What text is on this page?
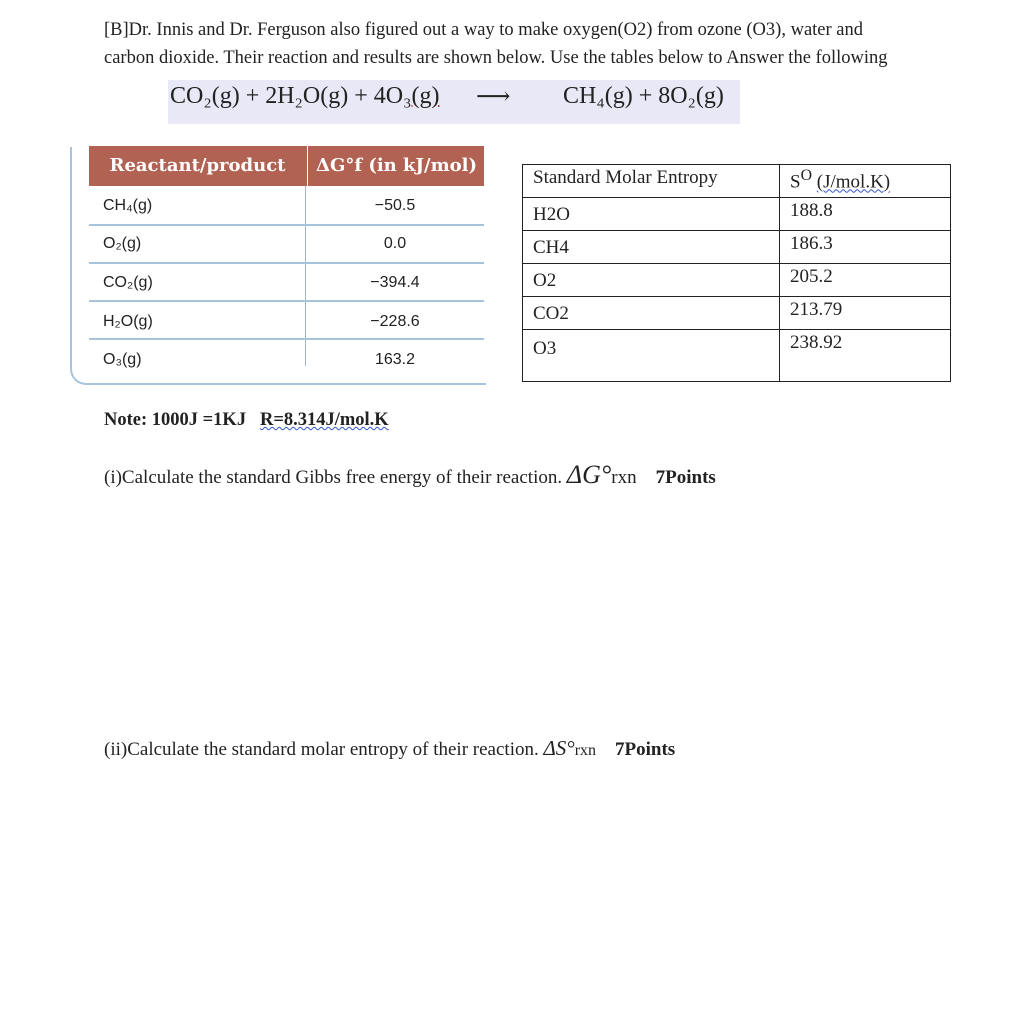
[B]Dr. Innis and Dr. Ferguson also figured out a way to make oxygen(O2) from ozone (O3), water and
carbon dioxide. Their reaction and results are shown below. Use the tables below to Answer the following
CO₂(g) + 2H₂O(g) + 4O₃(g) ⟶ CH₄(g) + 8O₂(g)
Reactant/product	ΔG°f (in kJ/mol)
CH₄(g)	−50.5
O₂(g)	0.0
CO₂(g)	−394.4
H₂O(g)	−228.6
O₃(g)	163.2
Standard Molar Entropy	$S^O$ (J/mol.K)
H2O	188.8
CH4	186.3
O2	205.2
CO2	213.79
O3	238.92
Note: 1000J =1KJ R=8.314J/mol.K
(i)Calculate the standard Gibbs free energy of their reaction. ΔG°rxn 7Points
(ii)Calculate the standard molar entropy of their reaction. ΔS°rxn 7Points
